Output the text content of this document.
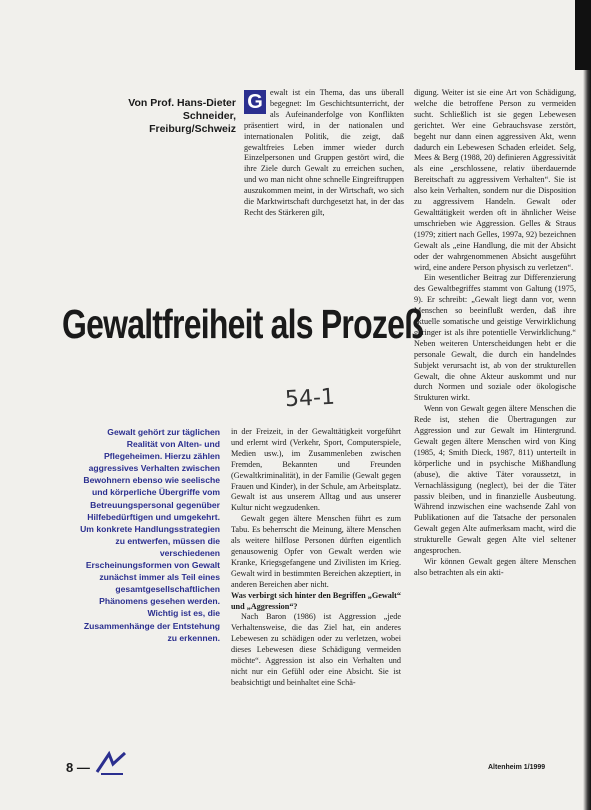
Von Prof. Hans-Dieter Schneider,
Freiburg/Schweiz

G ewalt ist ein Thema, das uns überall begegnet: Im Geschichtsunterricht, der als Aufeinanderfolge von Konflikten präsentiert wird, in der nationalen und internationalen Politik, die zeigt, daß gewaltfreies Leben immer wieder durch Einzelpersonen und Gruppen gestört wird, die ihre Ziele durch Gewalt zu erreichen suchen, und wo man nicht ohne schnelle Eingreiftruppen auszukommen meint, in der Wirtschaft, wo sich die Marktwirtschaft durchgesetzt hat, in der das Recht des Stärkeren gilt,

digung. Weiter ist sie eine Art von Schädigung, welche die betroffene Person zu vermeiden sucht. Schließlich ist sie gegen Lebewesen gerichtet. Wer eine Gebrauchsvase zerstört, begeht nur dann einen aggressiven Akt, wenn dadurch ein Lebewesen Schaden erleidet. Selg, Mees & Berg (1988, 20) definieren Aggressivität als eine „erschlossene, relativ überdauernde Bereitschaft zu aggressivem Verhalten“. Sie ist also kein Verhalten, sondern nur die Disposition zu aggressivem Handeln. Gewalt oder Gewalttätigkeit werden oft in ähnlicher Weise umschrieben wie Aggression. Gelles & Straus (1979; zitiert nach Gelles, 1997a, 92) bezeichnen Gewalt als „eine Handlung, die mit der Absicht oder der wahrgenommenen Absicht ausgeführt wird, eine andere Person physisch zu verletzen“.

Ein wesentlicher Beitrag zur Differenzierung des Gewaltbegriffes stammt von Galtung (1975, 9). Er schreibt: „Gewalt liegt dann vor, wenn Menschen so beeinflußt werden, daß ihre aktuelle somatische und geistige Verwirklichung geringer ist als ihre potentielle Verwirklichung.“ Neben weiteren Unterscheidungen hebt er die personale Gewalt, die durch ein handelndes Subjekt verursacht ist, ab von der strukturellen Gewalt, die ohne Akteur auskommt und nur durch Normen und soziale oder ökologische Strukturen wirkt.

Wenn von Gewalt gegen ältere Menschen die Rede ist, stehen die Übertragungen zur Aggression und zur Gewalt im Hintergrund. Gewalt gegen ältere Menschen wird von King (1985, 4; Smith Dieck, 1987, 811) unterteilt in körperliche und in psychische Mißhandlung (abuse), die aktive Täter voraussetzt, in Vernachlässigung (neglect), bei der die Täter passiv bleiben, und in finanzielle Ausbeutung. Während inzwischen eine wachsende Zahl von Publikationen auf die Tatsache der personalen Gewalt gegen Alte aufmerksam macht, wird die strukturelle Gewalt gegen Alte viel seltener angesprochen.

Wir können Gewalt gegen ältere Menschen also betrachten als ein akti-

Gewaltfreiheit als Prozeß
54-1
Gewalt gehört zur täglichen Realität von Alten- und Pflegeheimen. Hierzu zählen aggressives Verhalten zwischen Bewohnern ebenso wie seelische und körperliche Übergriffe vom Betreuungspersonal gegenüber Hilfebedürftigen und umgekehrt. Um konkrete Handlungsstrategien zu entwerfen, müssen die verschiedenen Erscheinungsformen von Gewalt zunächst immer als Teil eines gesamtgesellschaftlichen Phänomens gesehen werden. Wichtig ist es, die Zusammenhänge der Entstehung zu erkennen.

in der Freizeit, in der Gewalttätigkeit vorgeführt und erlernt wird (Verkehr, Sport, Computerspiele, Medien usw.), im Zusammenleben zwischen Fremden, Bekannten und Freunden (Gewaltkriminalität), in der Familie (Gewalt gegen Frauen und Kinder), in der Schule, am Arbeitsplatz. Gewalt ist aus unserem Alltag und aus unserer Kultur nicht wegzudenken.

Gewalt gegen ältere Menschen führt es zum Tabu. Es beherrscht die Meinung, ältere Menschen als weitere hilflose Personen dürften eigentlich genausowenig Opfer von Gewalt werden wie Kranke, Kriegsgefangene und Zivilisten im Krieg. Gewalt wird in bestimmten Bereichen akzeptiert, in anderen Bereichen aber nicht.

Was verbirgt sich hinter den Begriffen „Gewalt“ und „Aggression“?

Nach Baron (1986) ist Aggression „jede Verhaltensweise, die das Ziel hat, ein anderes Lebewesen zu schädigen oder zu verletzen, wobei dieses Lebewesen diese Schädigung vermeiden möchte“. Aggression ist also ein Verhalten und nicht nur ein Gefühl oder eine Absicht. Sie ist beabsichtigt und beinhaltet eine Schä-

8 —	Altenheim 1/1999
